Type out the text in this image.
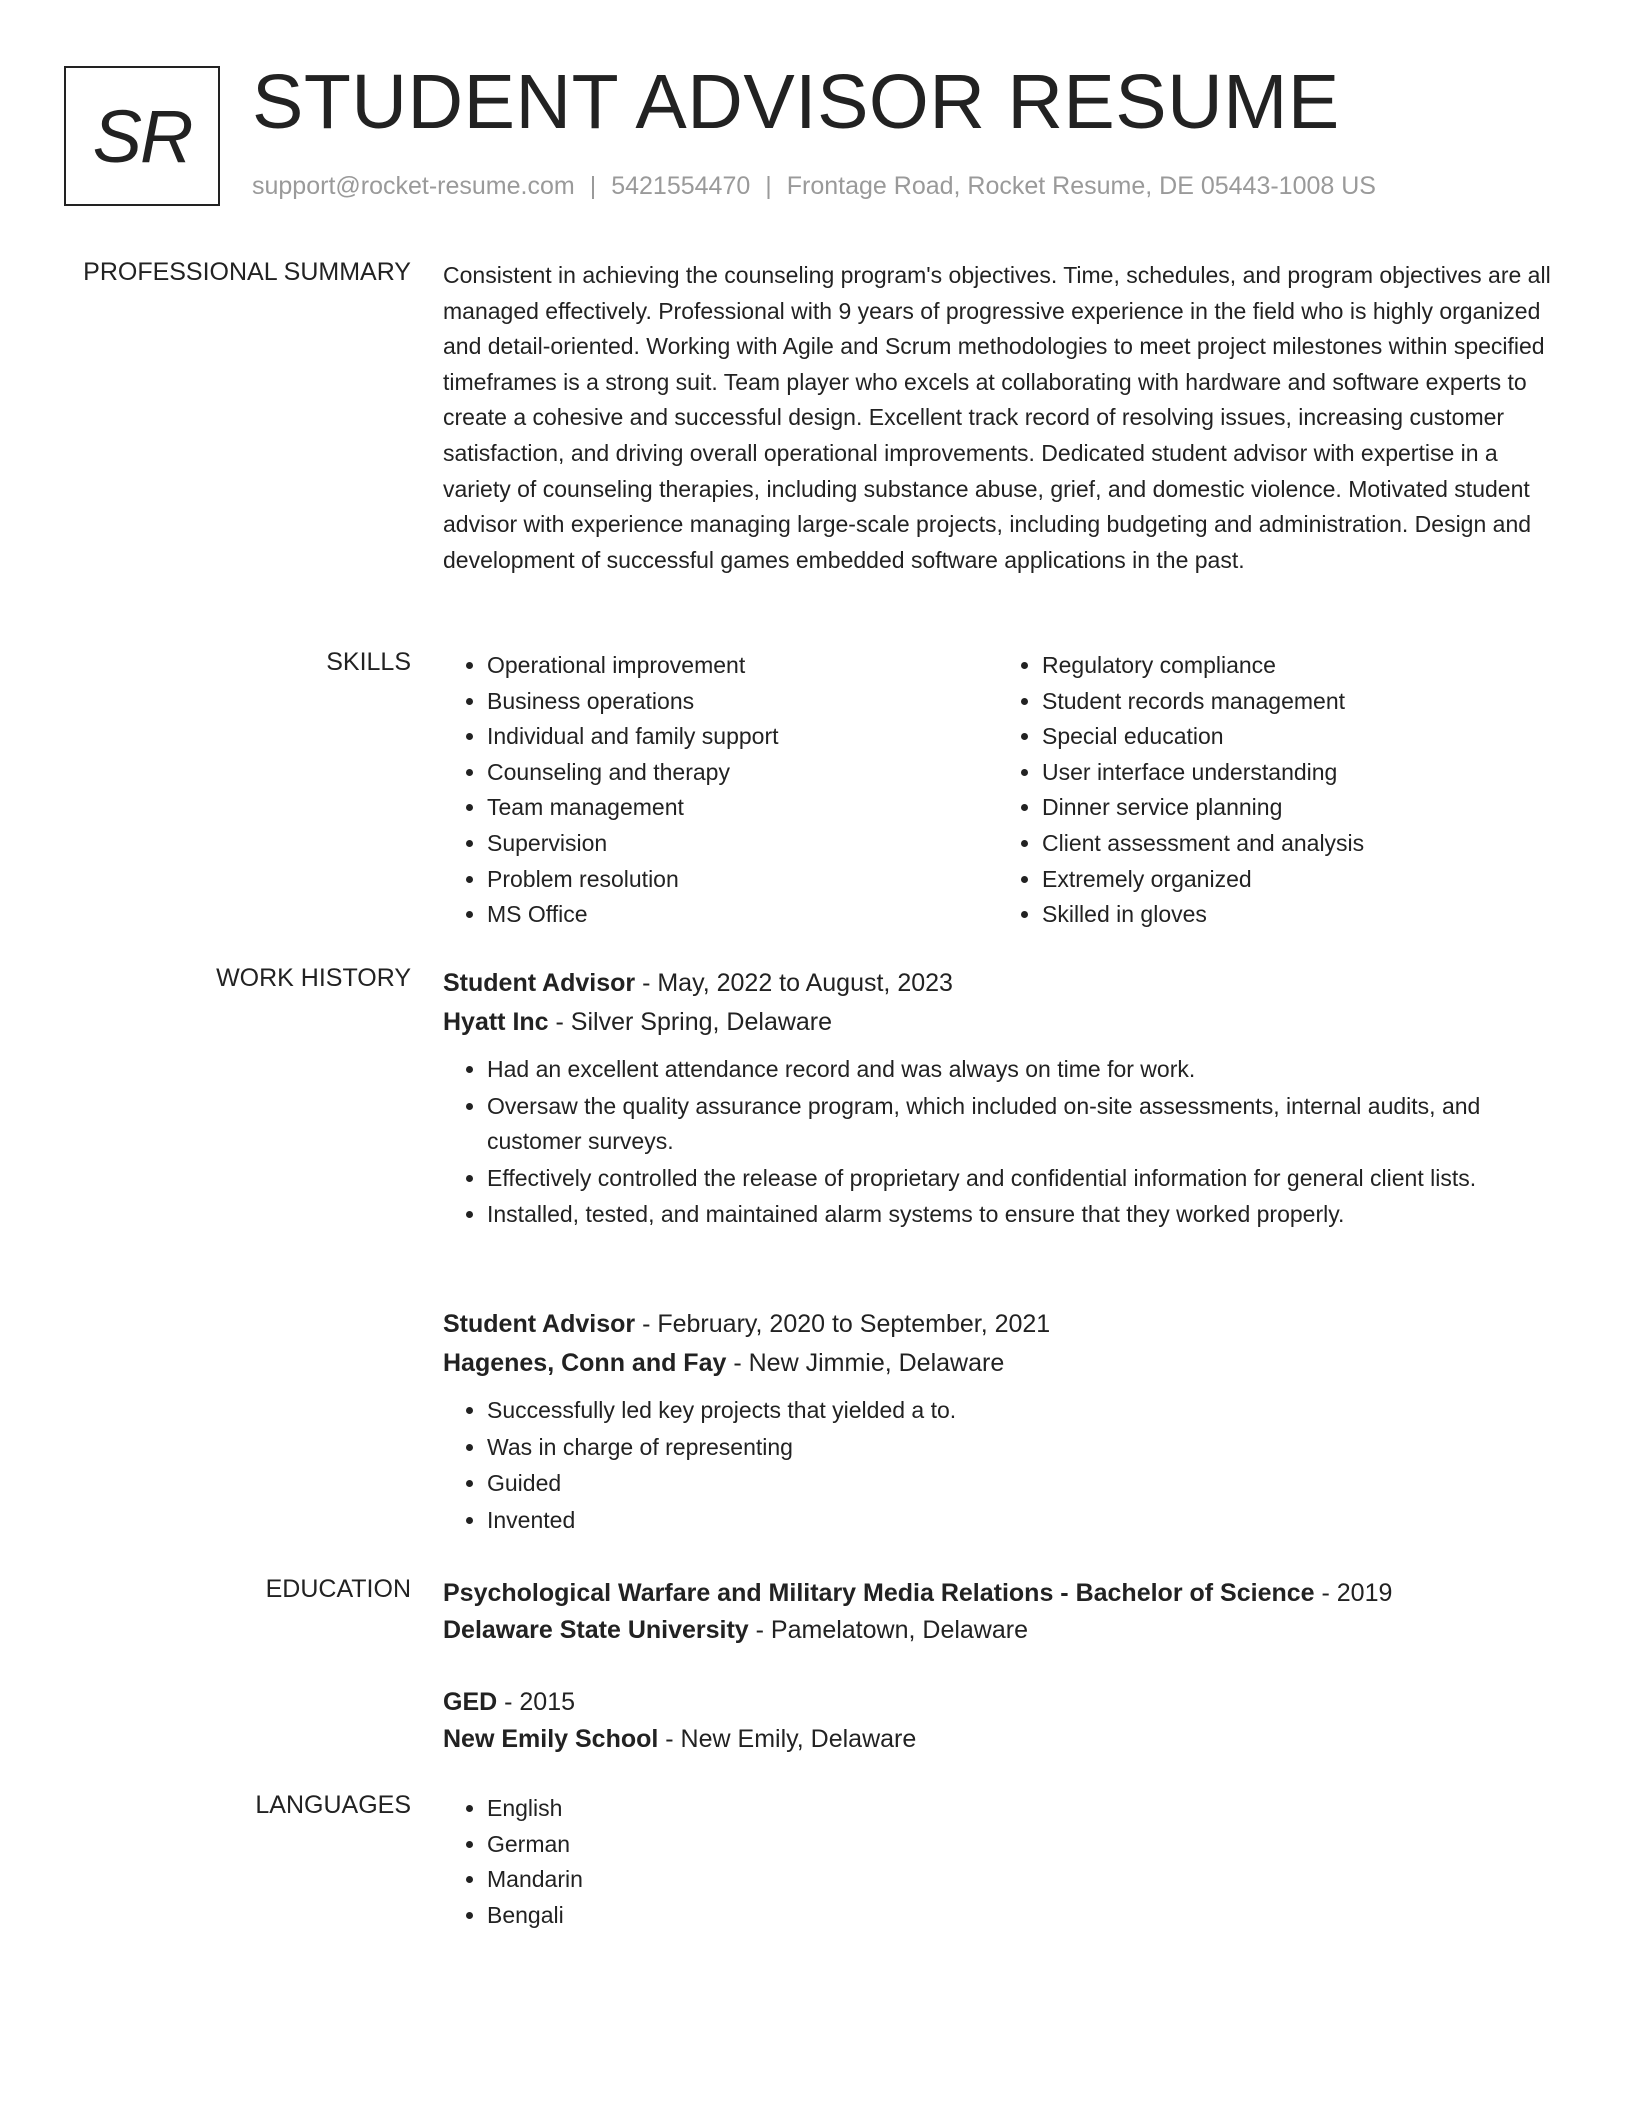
SR STUDENT ADVISOR RESUME
support@rocket-resume.com | 5421554470 | Frontage Road, Rocket Resume, DE 05443-1008 US
PROFESSIONAL SUMMARY Consistent in achieving the counseling program's objectives. Time, schedules, and program objectives are all managed effectively. Professional with 9 years of progressive experience in the field who is highly organized and detail-oriented. Working with Agile and Scrum methodologies to meet project milestones within specified timeframes is a strong suit. Team player who excels at collaborating with hardware and software experts to create a cohesive and successful design. Excellent track record of resolving issues, increasing customer satisfaction, and driving overall operational improvements. Dedicated student advisor with expertise in a variety of counseling therapies, including substance abuse, grief, and domestic violence. Motivated student advisor with experience managing large-scale projects, including budgeting and administration. Design and development of successful games embedded software applications in the past.

SKILLS	• Operational improvement
• Business operations
• Individual and family support
• Counseling and therapy
• Team management
• Supervision
• Problem resolution
• MS Office
• Regulatory compliance
• Student records management
• Special education
• User interface understanding
• Dinner service planning
• Client assessment and analysis
• Extremely organized
• Skilled in gloves
WORK HISTORY Student Advisor - May, 2022 to August, 2023
Hyatt Inc - Silver Spring, Delaware
• Had an excellent attendance record and was always on time for work.
• Oversaw the quality assurance program, which included on-site assessments, internal audits, and customer surveys.
• Effectively controlled the release of proprietary and confidential information for general client lists.
• Installed, tested, and maintained alarm systems to ensure that they worked properly.
Student Advisor - February, 2020 to September, 2021
Hagenes, Conn and Fay - New Jimmie, Delaware
• Successfully led key projects that yielded a to.
• Was in charge of representing
• Guided
• Invented
EDUCATION Psychological Warfare and Military Media Relations - Bachelor of Science - 2019
Delaware State University - Pamelatown, Delaware
GED - 2015
New Emily School - New Emily, Delaware
LANGUAGES	• English
• German
• Mandarin
• Bengali
